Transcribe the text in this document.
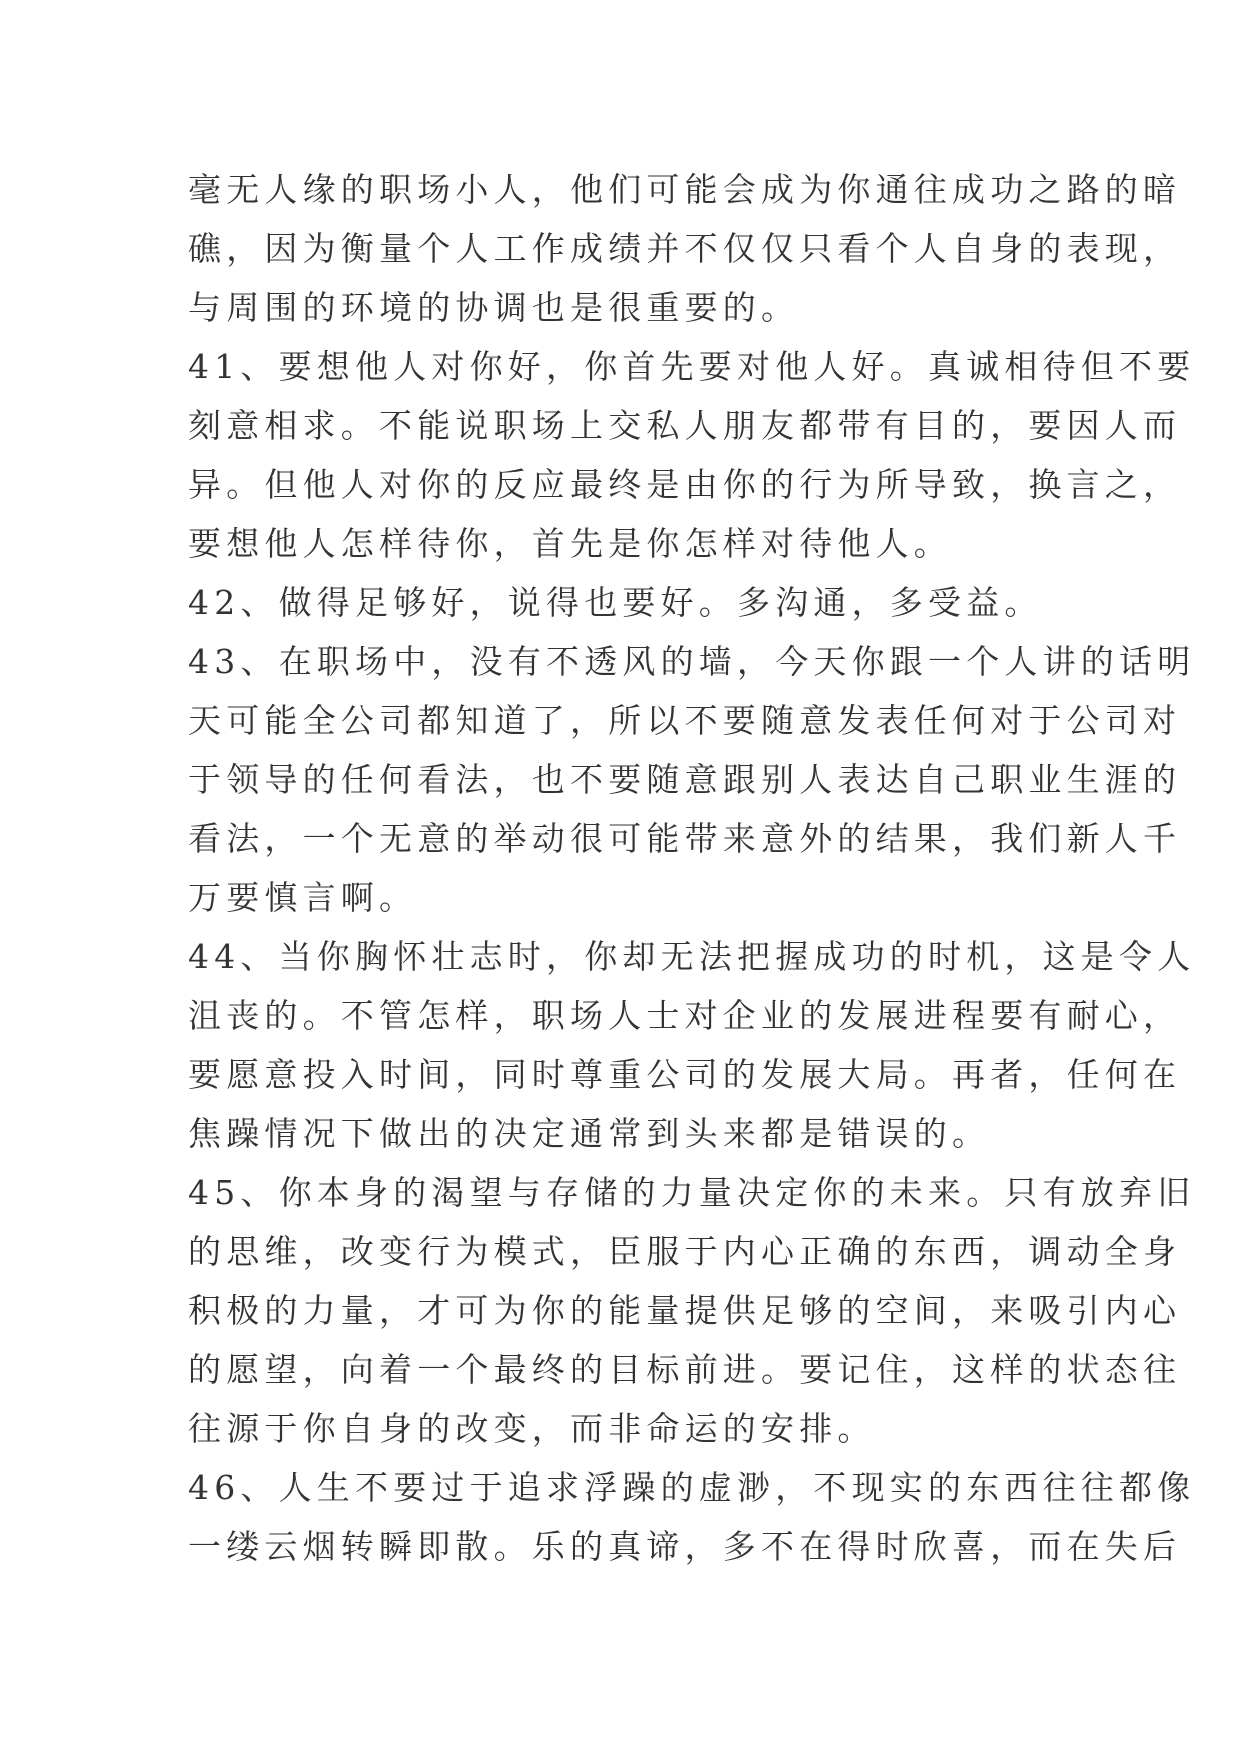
毫无人缘的职场小人，他们可能会成为你通往成功之路的暗
礁，因为衡量个人工作成绩并不仅仅只看个人自身的表现，
与周围的环境的协调也是很重要的。
41、要想他人对你好，你首先要对他人好。真诚相待但不要
刻意相求。不能说职场上交私人朋友都带有目的，要因人而
异。但他人对你的反应最终是由你的行为所导致，换言之，
要想他人怎样待你，首先是你怎样对待他人。
42、做得足够好，说得也要好。多沟通，多受益。
43、在职场中，没有不透风的墙，今天你跟一个人讲的话明
天可能全公司都知道了，所以不要随意发表任何对于公司对
于领导的任何看法，也不要随意跟别人表达自己职业生涯的
看法，一个无意的举动很可能带来意外的结果，我们新人千
万要慎言啊。
44、当你胸怀壮志时，你却无法把握成功的时机，这是令人
沮丧的。不管怎样，职场人士对企业的发展进程要有耐心，
要愿意投入时间，同时尊重公司的发展大局。再者，任何在
焦躁情况下做出的决定通常到头来都是错误的。
45、你本身的渴望与存储的力量决定你的未来。只有放弃旧
的思维，改变行为模式，臣服于内心正确的东西，调动全身
积极的力量，才可为你的能量提供足够的空间，来吸引内心
的愿望，向着一个最终的目标前进。要记住，这样的状态往
往源于你自身的改变，而非命运的安排。
46、人生不要过于追求浮躁的虚渺，不现实的东西往往都像
一缕云烟转瞬即散。乐的真谛，多不在得时欣喜，而在失后
